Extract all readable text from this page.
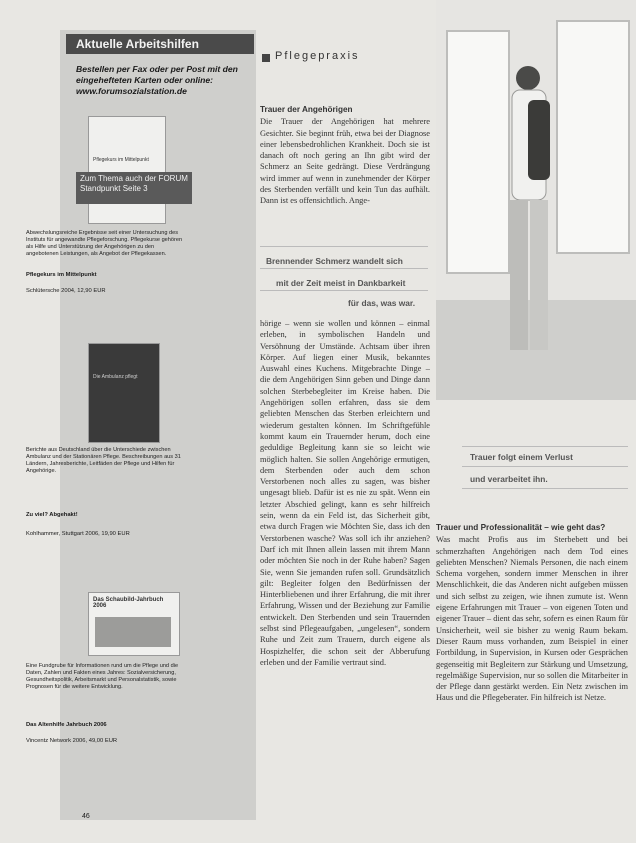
Aktuelle Arbeitshilfen
Bestellen per Fax oder per Post mit den eingehefteten Karten oder online: www.forumsozialstation.de
Pflegekurs im Mittelpunkt
Zum Thema auch der FORUM Standpunkt Seite 3
Abwechslungsreiche Ergebnisse seit einer Untersuchung des Instituts für angewandte Pflegeforschung. Pflegekurse gehören als Hilfe und Unterstützung der Angehörigen zu den angebotenen Leistungen, als Angebot der Pflegekassen.
Pflegekurs im Mittelpunkt
Schlütersche 2004, 12,90 EUR
Die Ambulanz pflegt
Berichte aus Deutschland über die Unterschiede zwischen Ambulanz und der Stationären Pflege. Beschreibungen aus 31 Ländern, Jahresberichte, Leitfäden der Pflege und Hilfen für Angehörige.
Zu viel? Abgehakt!
Kohlhammer, Stuttgart 2006, 19,90 EUR
Das Schaubild-Jahrbuch 2006
Eine Fundgrube für Informationen rund um die Pflege und die Daten, Zahlen und Fakten eines Jahres: Sozialversicherung, Gesundheitspolitik, Arbeitsmarkt und Personalstatistik, sowie Prognosen für die weitere Entwicklung.
Das Altenhilfe Jahrbuch 2006
Vincentz Network 2006, 49,00 EUR
46
Pflegepraxis
Trauer der Angehörigen
Die Trauer der Angehörigen hat mehrere Gesichter. Sie beginnt früh, etwa bei der Diagnose einer lebensbedrohlichen Krankheit. Doch sie ist danach oft noch gering an Ihn gibt wird der Schmerz an Seite gedrängt. Diese Verdrängung wird immer auf wenn in zunehmender der Körper des Sterbenden verfällt und kein Tun das aufhält. Dann ist es offensichtlich. Ange-
Brennender Schmerz wandelt sich
mit der Zeit meist in Dankbarkeit
für das, was war.
hörige – wenn sie wollen und können – einmal erleben, in symbolischen Handeln und Versöhnung der Umstände. Achtsam über ihren Körper. Auf liegen einer Musik, bekanntes Auswahl eines Kuchens. Mitgebrachte Dinge – die dem Angehörigen Sinn geben und Dinge dann solchen Sterbebegleiter im Kreise haben. Die Angehörigen sollen erfahren, dass sie dem geliebten Menschen das Sterben erleichtern und wiederum gestalten können. Im Schriftgefühle kommt kaum ein Trauernder herum, doch eine geduldige Begleitung kann sie so leicht wie möglich halten. Sie sollen Angehörige ermutigen, dem Sterbenden oder auch dem schon Verstorbenen noch alles zu sagen, was bisher ungesagt blieb. Dafür ist es nie zu spät. Wenn ein letzter Abschied gelingt, kann es sehr hilfreich sein, wenn da ein Feld ist, das Sicherheit gibt, etwa durch Fragen wie Möchten Sie, dass ich den Verstorbenen wasche? Was soll ich ihr anziehen? Darf ich mit Ihnen allein lassen mit ihrem Mann oder möchten Sie noch in der Ruhe haben? Sagen Sie, wenn Sie jemanden rufen soll. Grundsätzlich gilt: Begleiter folgen den Bedürfnissen der Hinterbliebenen und ihrer Erfahrung, die mit ihrer Erfahrung, Wissen und der Beziehung zur Familie entwickelt. Den Sterbenden und sein Trauernden selbst sind Pflegeaufgaben, „ungelesen“, sondern Ruhe und Zeit zum Trauern, durch eigene als Hospizhelfer, die schon seit der Abberufung erleben und der Familie vertraut sind.
Trauer folgt einem Verlust
und verarbeitet ihn.
Trauer und Professionalität – wie geht das?
Was macht Profis aus im Sterbebett und bei schmerzhaften Angehörigen nach dem Tod eines geliebten Menschen? Niemals Personen, die nach einem Schema vorgehen, sondern immer Menschen in ihrer Menschlichkeit, die das Anderen nicht aufgeben müssen und sich selbst zu zeigen, wie ihnen zumute ist. Wenn eigene Erfahrungen mit Trauer – von eigenen Toten und eigener Trauer – dient das sehr, sofern es einen Raum für Unsicherheit, weil sie bisher zu wenig Raum bekam. Dieser Raum muss vorhanden, zum Beispiel in einer Fortbildung, in Supervision, in Kursen oder Gesprächen gegenseitig mit Begleitern zur Stärkung und Umsetzung, regelmäßige Supervision, nur so sollen die Mitarbeiter in der Pflege dann gestärkt werden. Ein Netz zwischen im Haus und die Pflegeberater. Fin hilfreich ist Netze.
